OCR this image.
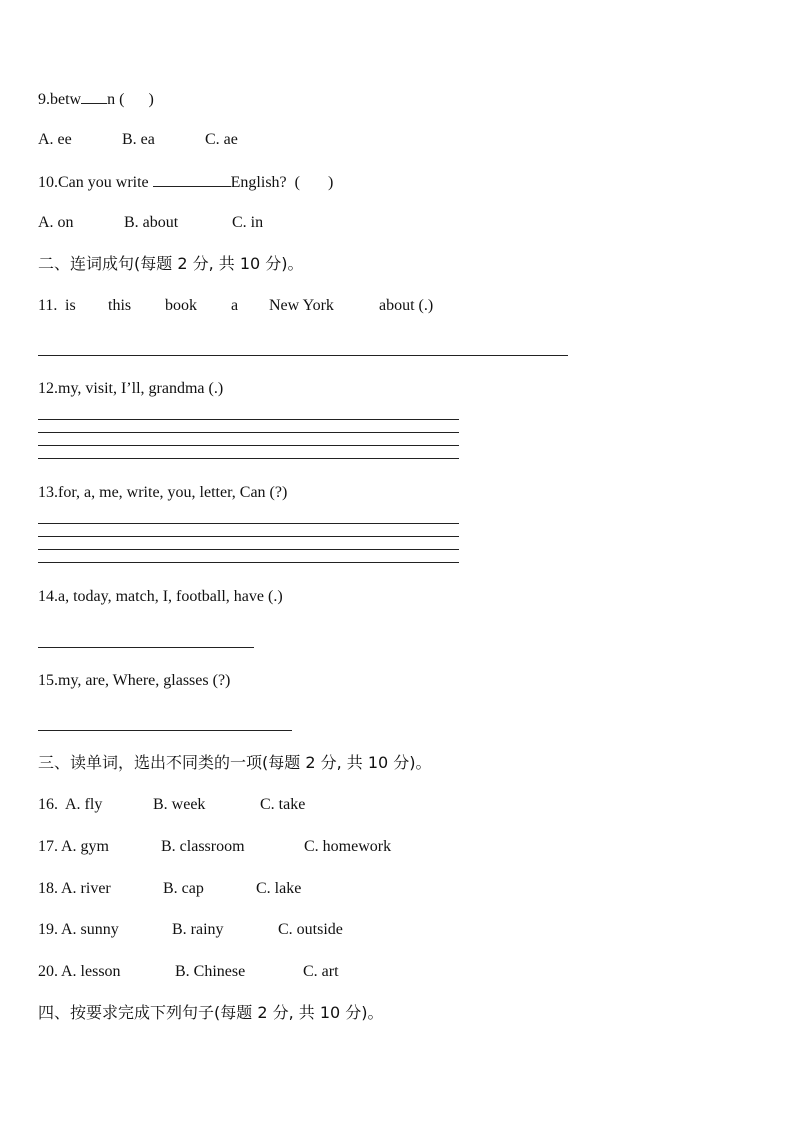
9.betw n (      )
A. ee	B. ea	C. ae
10.Can you write	English?  (       )
A. on	B. about	C. in
二、连词成句(每题 2 分, 共 10 分)。
11. is this book a New York	about (.)
12.my, visit, I’ll, grandma (.)
13.for, a, me, write, you, letter, Can (?)
14.a, today, match, I, football, have (.)
15.my, are, Where, glasses (?)
三、读单词，选出不同类的一项(每题 2 分, 共 10 分)。
16. A. fly	B. week	C. take
17. A. gym	B. classroom	C. homework
18. A. river	B. cap	C. lake
19. A. sunny	B. rainy	C. outside
20. A. lesson	B. Chinese	C. art
四、按要求完成下列句子(每题 2 分, 共 10 分)。
